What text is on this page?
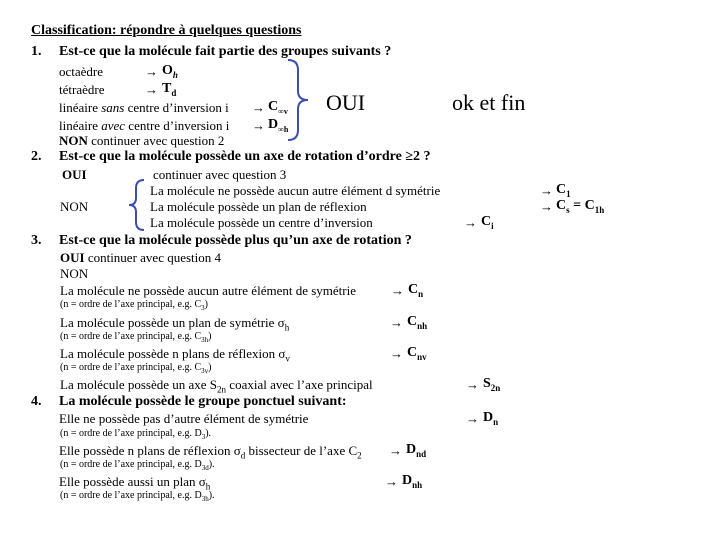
Classification: répondre à quelques questions
1. Est-ce que la molécule fait partie des groupes suivants ?
octaèdre	→ $O_h$
tétraèdre	→ $T_d$
linéaire sans centre d’inversion $i \to C_{\infty v}$
linéaire avec centre d’inversion $i \to D_{\infty h}$
OUI	ok et fin
NON continuer avec question 2
2. Est-ce que la molécule possède un axe de rotation d’ordre ≥2 ?
OUI	continuer avec question 3
NON
La molécule ne possède aucun autre élément d symétrie	→ $C_1$
La molécule possède un plan de réflexion	→ $C_s = C_{1h}$
La molécule possède un centre d’inversion	→ $C_i$
3. Est-ce que la molécule possède plus qu’un axe de rotation ?
OUI continuer avec question 4
NON
La molécule ne possède aucun autre élément de symétrie	→ $C_n$
(n = ordre de l’axe principal, e.g. $C_3$)
La molécule possède un plan de symétrie $\sigma_h$	→ $C_{nh}$
(n = ordre de l’axe principal, e.g. $C_{3h}$)
La molécule possède n plans de réflexion $\sigma_v$	→ $C_{nv}$
(n = ordre de l’axe principal, e.g. $C_{3v}$)
La molécule possède un axe $S_{2n}$ coaxial avec l’axe principal	→ $S_{2n}$
4. La molécule possède le groupe ponctuel suivant:
Elle ne possède pas d’autre élément de symétrie	→ $D_n$
(n = ordre de l’axe principal, e.g. $D_3$).
Elle possède n plans de réflexion $\sigma_d$ bissecteur de l’axe $C_2 \to D_{nd}$
(n = ordre de l’axe principal, e.g. $D_{3d}$).
Elle possède aussi un plan $\sigma_h$	→ $D_{nh}$
(n = ordre de l’axe principal, e.g. $D_{3h}$).
